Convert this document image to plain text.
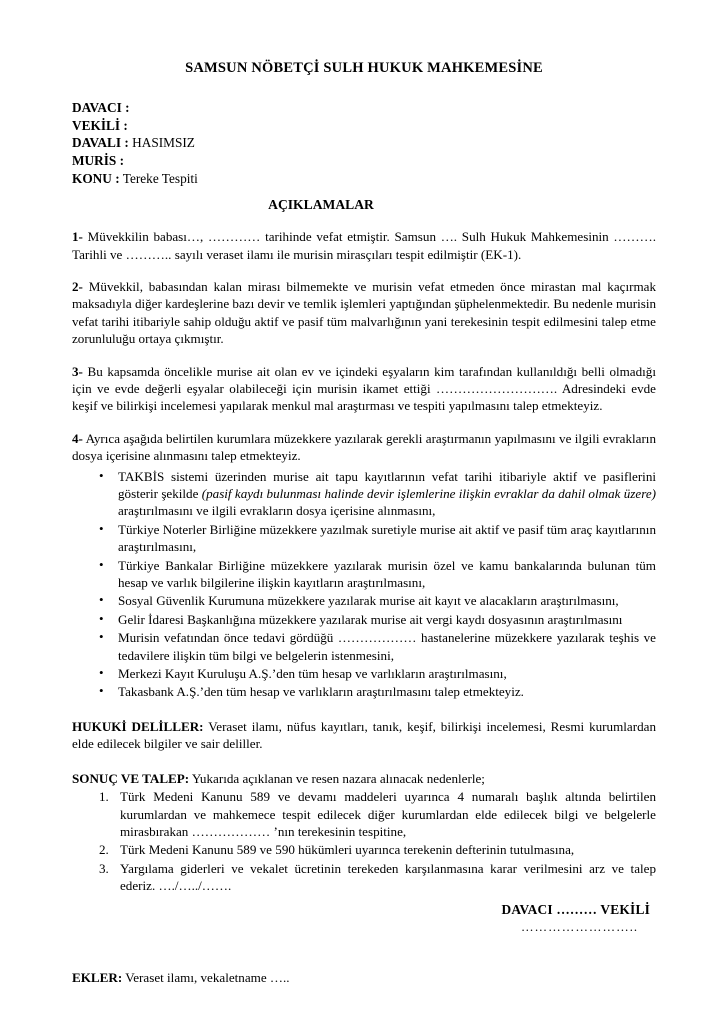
SAMSUN NÖBETÇİ SULH HUKUK MAHKEMESİNE
DAVACI :
VEKİLİ :
DAVALI : HASIMSIZ
MURİS :
KONU : Tereke Tespiti
AÇIKLAMALAR

1- Müvekkilin babası…, ………… tarihinde vefat etmiştir. Samsun …. Sulh Hukuk Mahkemesinin ………. Tarihli ve ……….. sayılı veraset ilamı ile murisin mirasçıları tespit edilmiştir (EK-1).

2- Müvekkil, babasından kalan mirası bilmemekte ve murisin vefat etmeden önce mirastan mal kaçırmak maksadıyla diğer kardeşlerine bazı devir ve temlik işlemleri yaptığından şüphelenmektedir. Bu nedenle murisin vefat tarihi itibariyle sahip olduğu aktif ve pasif tüm malvarlığının yani terekesinin tespit edilmesini talep etme zorunluluğu ortaya çıkmıştır.

3- Bu kapsamda öncelikle murise ait olan ev ve içindeki eşyaların kim tarafından kullanıldığı belli olmadığı için ve evde değerli eşyalar olabileceği için murisin ikamet ettiği ………………………. Adresindeki evde keşif ve bilirkişi incelemesi yapılarak menkul mal araştırması ve tespiti yapılmasını talep etmekteyiz.

4- Ayrıca aşağıda belirtilen kurumlara müzekkere yazılarak gerekli araştırmanın yapılmasını ve ilgili evrakların dosya içerisine alınmasını talep etmekteyiz.

• TAKBİS sistemi üzerinden murise ait tapu kayıtlarının vefat tarihi itibariyle aktif ve pasiflerini gösterir şekilde (pasif kaydı bulunması halinde devir işlemlerine ilişkin evraklar da dahil olmak üzere) araştırılmasını ve ilgili evrakların dosya içerisine alınmasını,
• Türkiye Noterler Birliğine müzekkere yazılmak suretiyle murise ait aktif ve pasif tüm araç kayıtlarının araştırılmasını,
• Türkiye Bankalar Birliğine müzekkere yazılarak murisin özel ve kamu bankalarında bulunan tüm hesap ve varlık bilgilerine ilişkin kayıtların araştırılmasını,
• Sosyal Güvenlik Kurumuna müzekkere yazılarak murise ait kayıt ve alacakların araştırılmasını,
• Gelir İdaresi Başkanlığına müzekkere yazılarak murise ait vergi kaydı dosyasının araştırılmasını
• Murisin vefatından önce tedavi gördüğü ……………… hastanelerine müzekkere yazılarak teşhis ve tedavilere ilişkin tüm bilgi ve belgelerin istenmesini,
• Merkezi Kayıt Kuruluşu A.Ş.’den tüm hesap ve varlıkların araştırılmasını,
• Takasbank A.Ş.’den tüm hesap ve varlıkların araştırılmasını talep etmekteyiz.

HUKUKİ DELİLLER: Veraset ilamı, nüfus kayıtları, tanık, keşif, bilirkişi incelemesi, Resmi kurumlardan elde edilecek bilgiler ve sair deliller.

SONUÇ VE TALEP: Yukarıda açıklanan ve resen nazara alınacak nedenlerle;

Türk Medeni Kanunu 589 ve devamı maddeleri uyarınca 4 numaralı başlık altında belirtilen kurumlardan ve mahkemece tespit edilecek diğer kurumlardan elde edilecek bilgi ve belgelerle mirasbırakan ……………… ’nın terekesinin tespitine,
Türk Medeni Kanunu 589 ve 590 hükümleri uyarınca terekenin defterinin tutulmasına,
Yargılama giderleri ve vekalet ücretinin terekeden karşılanmasına karar verilmesini arz ve talep ederiz. …./…../…….
DAVACI ……… VEKİLİ
……………………..

EKLER: Veraset ilamı, vekaletname …..
